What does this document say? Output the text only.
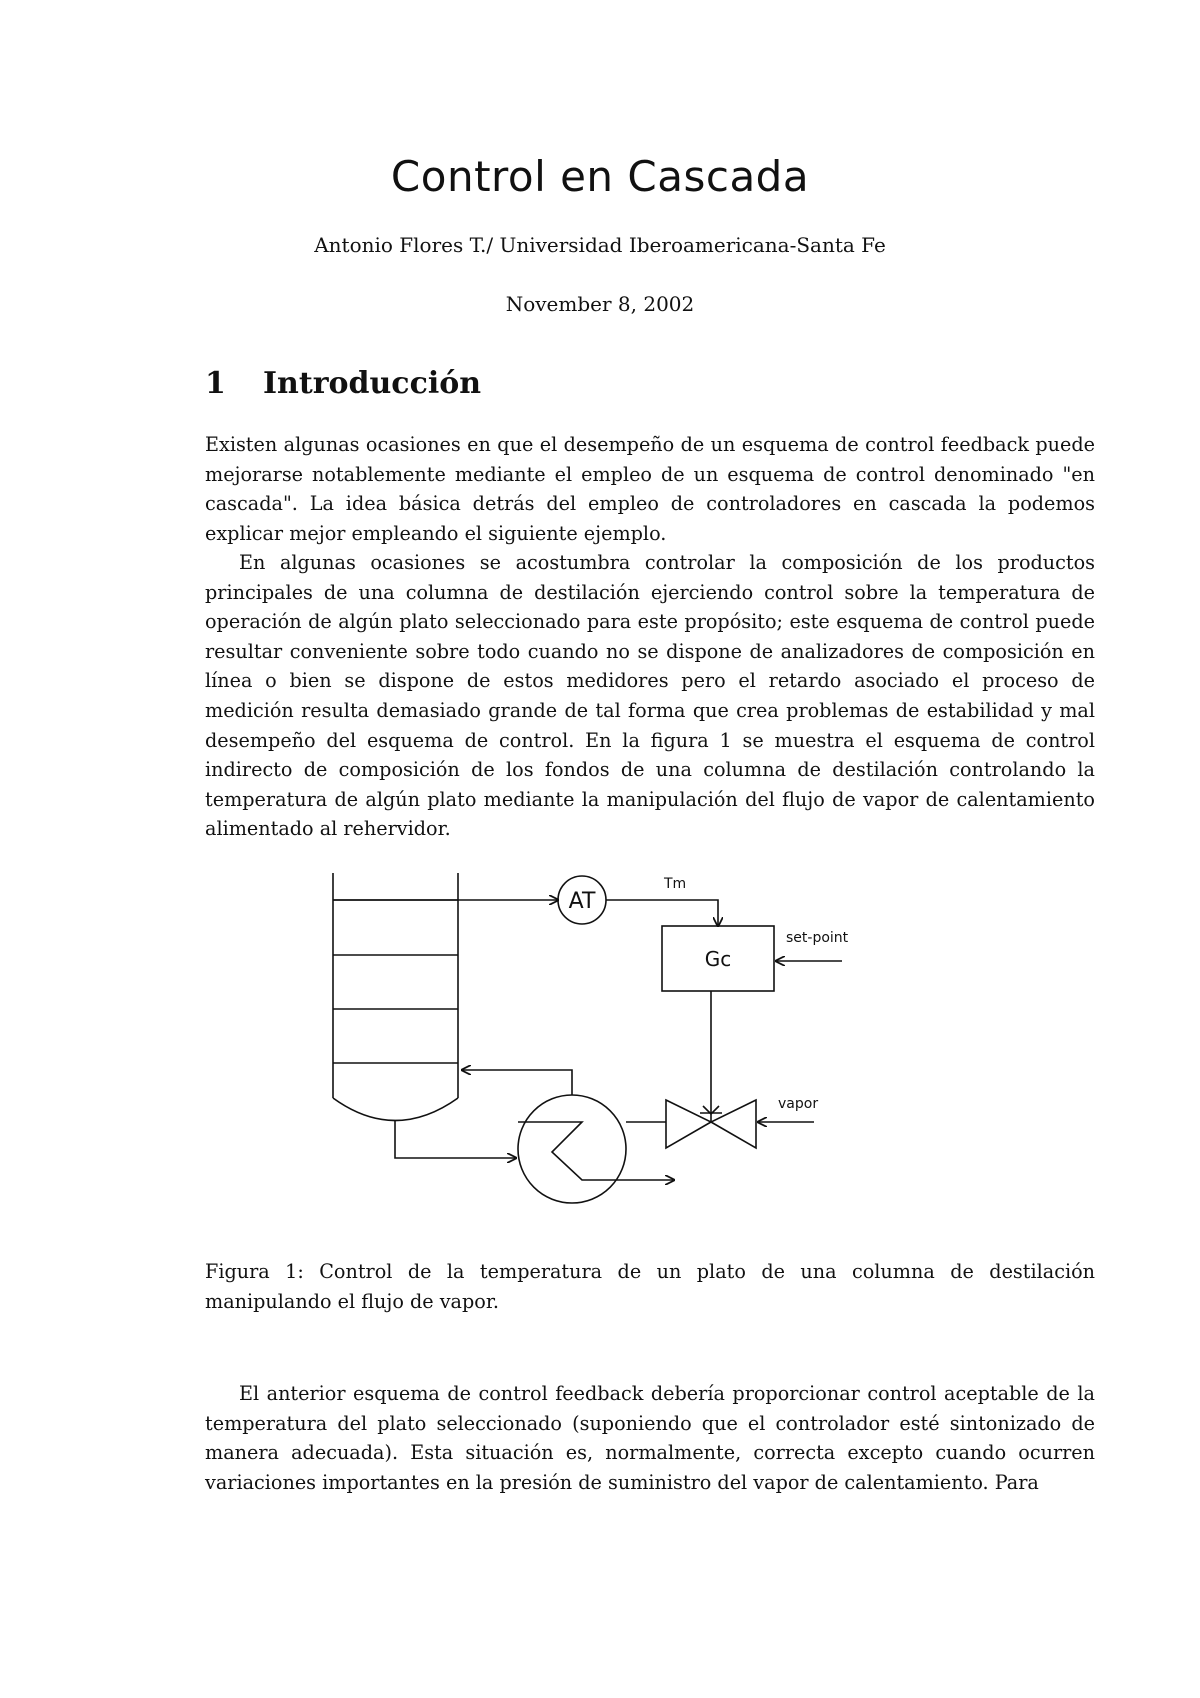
Control en Cascada
Antonio Flores T./ Universidad Iberoamericana-Santa Fe
November 8, 2002
1 Introducción

Existen algunas ocasiones en que el desempeño de un esquema de control feedback puede mejorarse notablemente mediante el empleo de un esquema de control denominado "en cascada". La idea básica detrás del empleo de controladores en cascada la podemos explicar mejor empleando el siguiente ejemplo.

En algunas ocasiones se acostumbra controlar la composición de los productos principales de una columna de destilación ejerciendo control sobre la temperatura de operación de algún plato seleccionado para este propósito; este esquema de control puede resultar conveniente sobre todo cuando no se dispone de analizadores de composición en línea o bien se dispone de estos medidores pero el retardo asociado el proceso de medición resulta demasiado grande de tal forma que crea problemas de estabilidad y mal desempeño del esquema de control. En la figura 1 se muestra el esquema de control indirecto de composición de los fondos de una columna de destilación controlando la temperatura de algún plato mediante la manipulación del flujo de vapor de calentamiento alimentado al rehervidor.

AT
Tm
Gc
set-point
vapor
Figura 1: Control de la temperatura de un plato de una columna de destilación manipulando el flujo de vapor.

El anterior esquema de control feedback debería proporcionar control aceptable de la temperatura del plato seleccionado (suponiendo que el controlador esté sintonizado de manera adecuada). Esta situación es, normalmente, correcta excepto cuando ocurren variaciones importantes en la presión de suministro del vapor de calentamiento. Para
